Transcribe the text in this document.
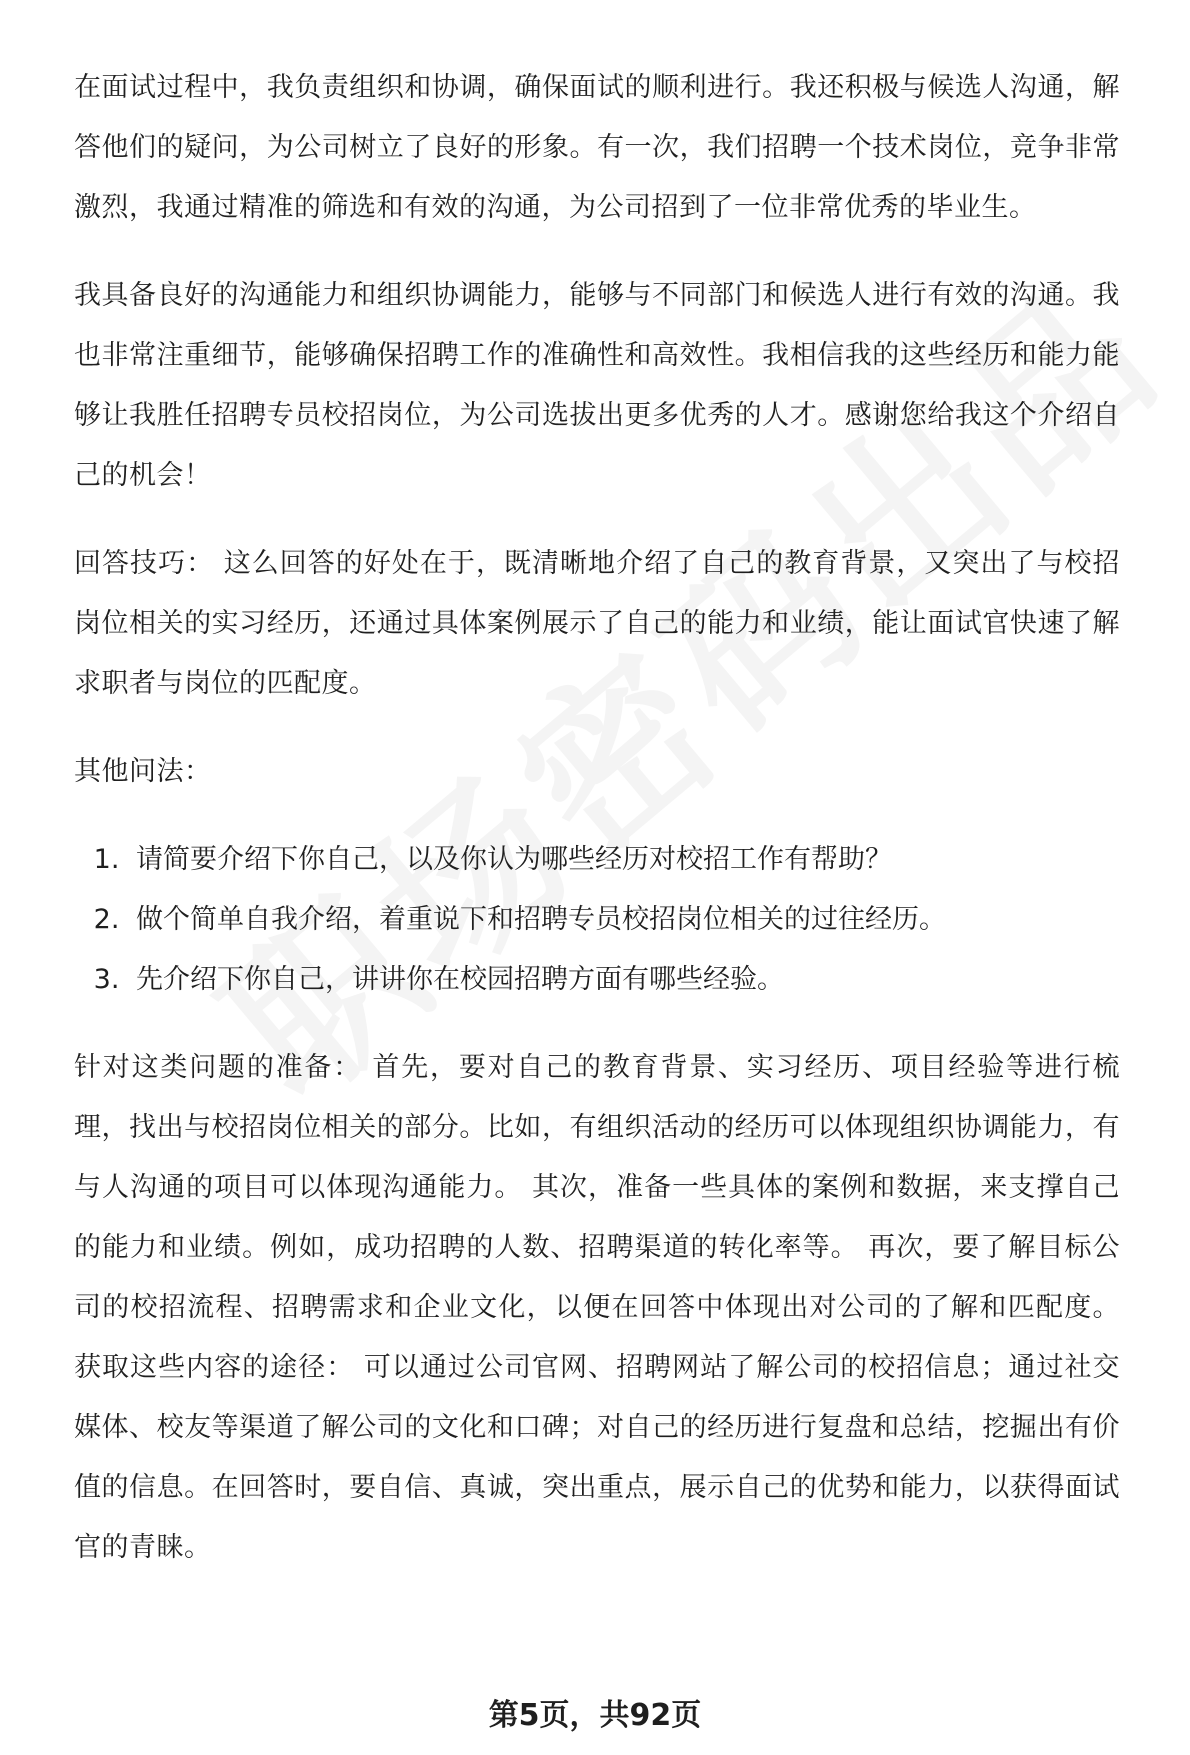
在面试过程中，我负责组织和协调，确保面试的顺利进行。我还积极与候选人沟通，解答他们的疑问，为公司树立了良好的形象。有一次，我们招聘一个技术岗位，竞争非常激烈，我通过精准的筛选和有效的沟通，为公司招到了一位非常优秀的毕业生。

我具备良好的沟通能力和组织协调能力，能够与不同部门和候选人进行有效的沟通。我也非常注重细节，能够确保招聘工作的准确性和高效性。我相信我的这些经历和能力能够让我胜任招聘专员校招岗位，为公司选拔出更多优秀的人才。感谢您给我这个介绍自己的机会！

回答技巧： 这么回答的好处在于，既清晰地介绍了自己的教育背景，又突出了与校招岗位相关的实习经历，还通过具体案例展示了自己的能力和业绩，能让面试官快速了解求职者与岗位的匹配度。

其他问法：

1. 请简要介绍下你自己，以及你认为哪些经历对校招工作有帮助？
2. 做个简单自我介绍，着重说下和招聘专员校招岗位相关的过往经历。
3. 先介绍下你自己，讲讲你在校园招聘方面有哪些经验。

针对这类问题的准备： 首先，要对自己的教育背景、实习经历、项目经验等进行梳理，找出与校招岗位相关的部分。比如，有组织活动的经历可以体现组织协调能力，有与人沟通的项目可以体现沟通能力。 其次，准备一些具体的案例和数据，来支撑自己的能力和业绩。例如，成功招聘的人数、招聘渠道的转化率等。 再次，要了解目标公司的校招流程、招聘需求和企业文化，以便在回答中体现出对公司的了解和匹配度。 获取这些内容的途径： 可以通过公司官网、招聘网站了解公司的校招信息；通过社交媒体、校友等渠道了解公司的文化和口碑；对自己的经历进行复盘和总结，挖掘出有价值的信息。在回答时，要自信、真诚，突出重点，展示自己的优势和能力，以获得面试官的青睐。

第5页，共92页
